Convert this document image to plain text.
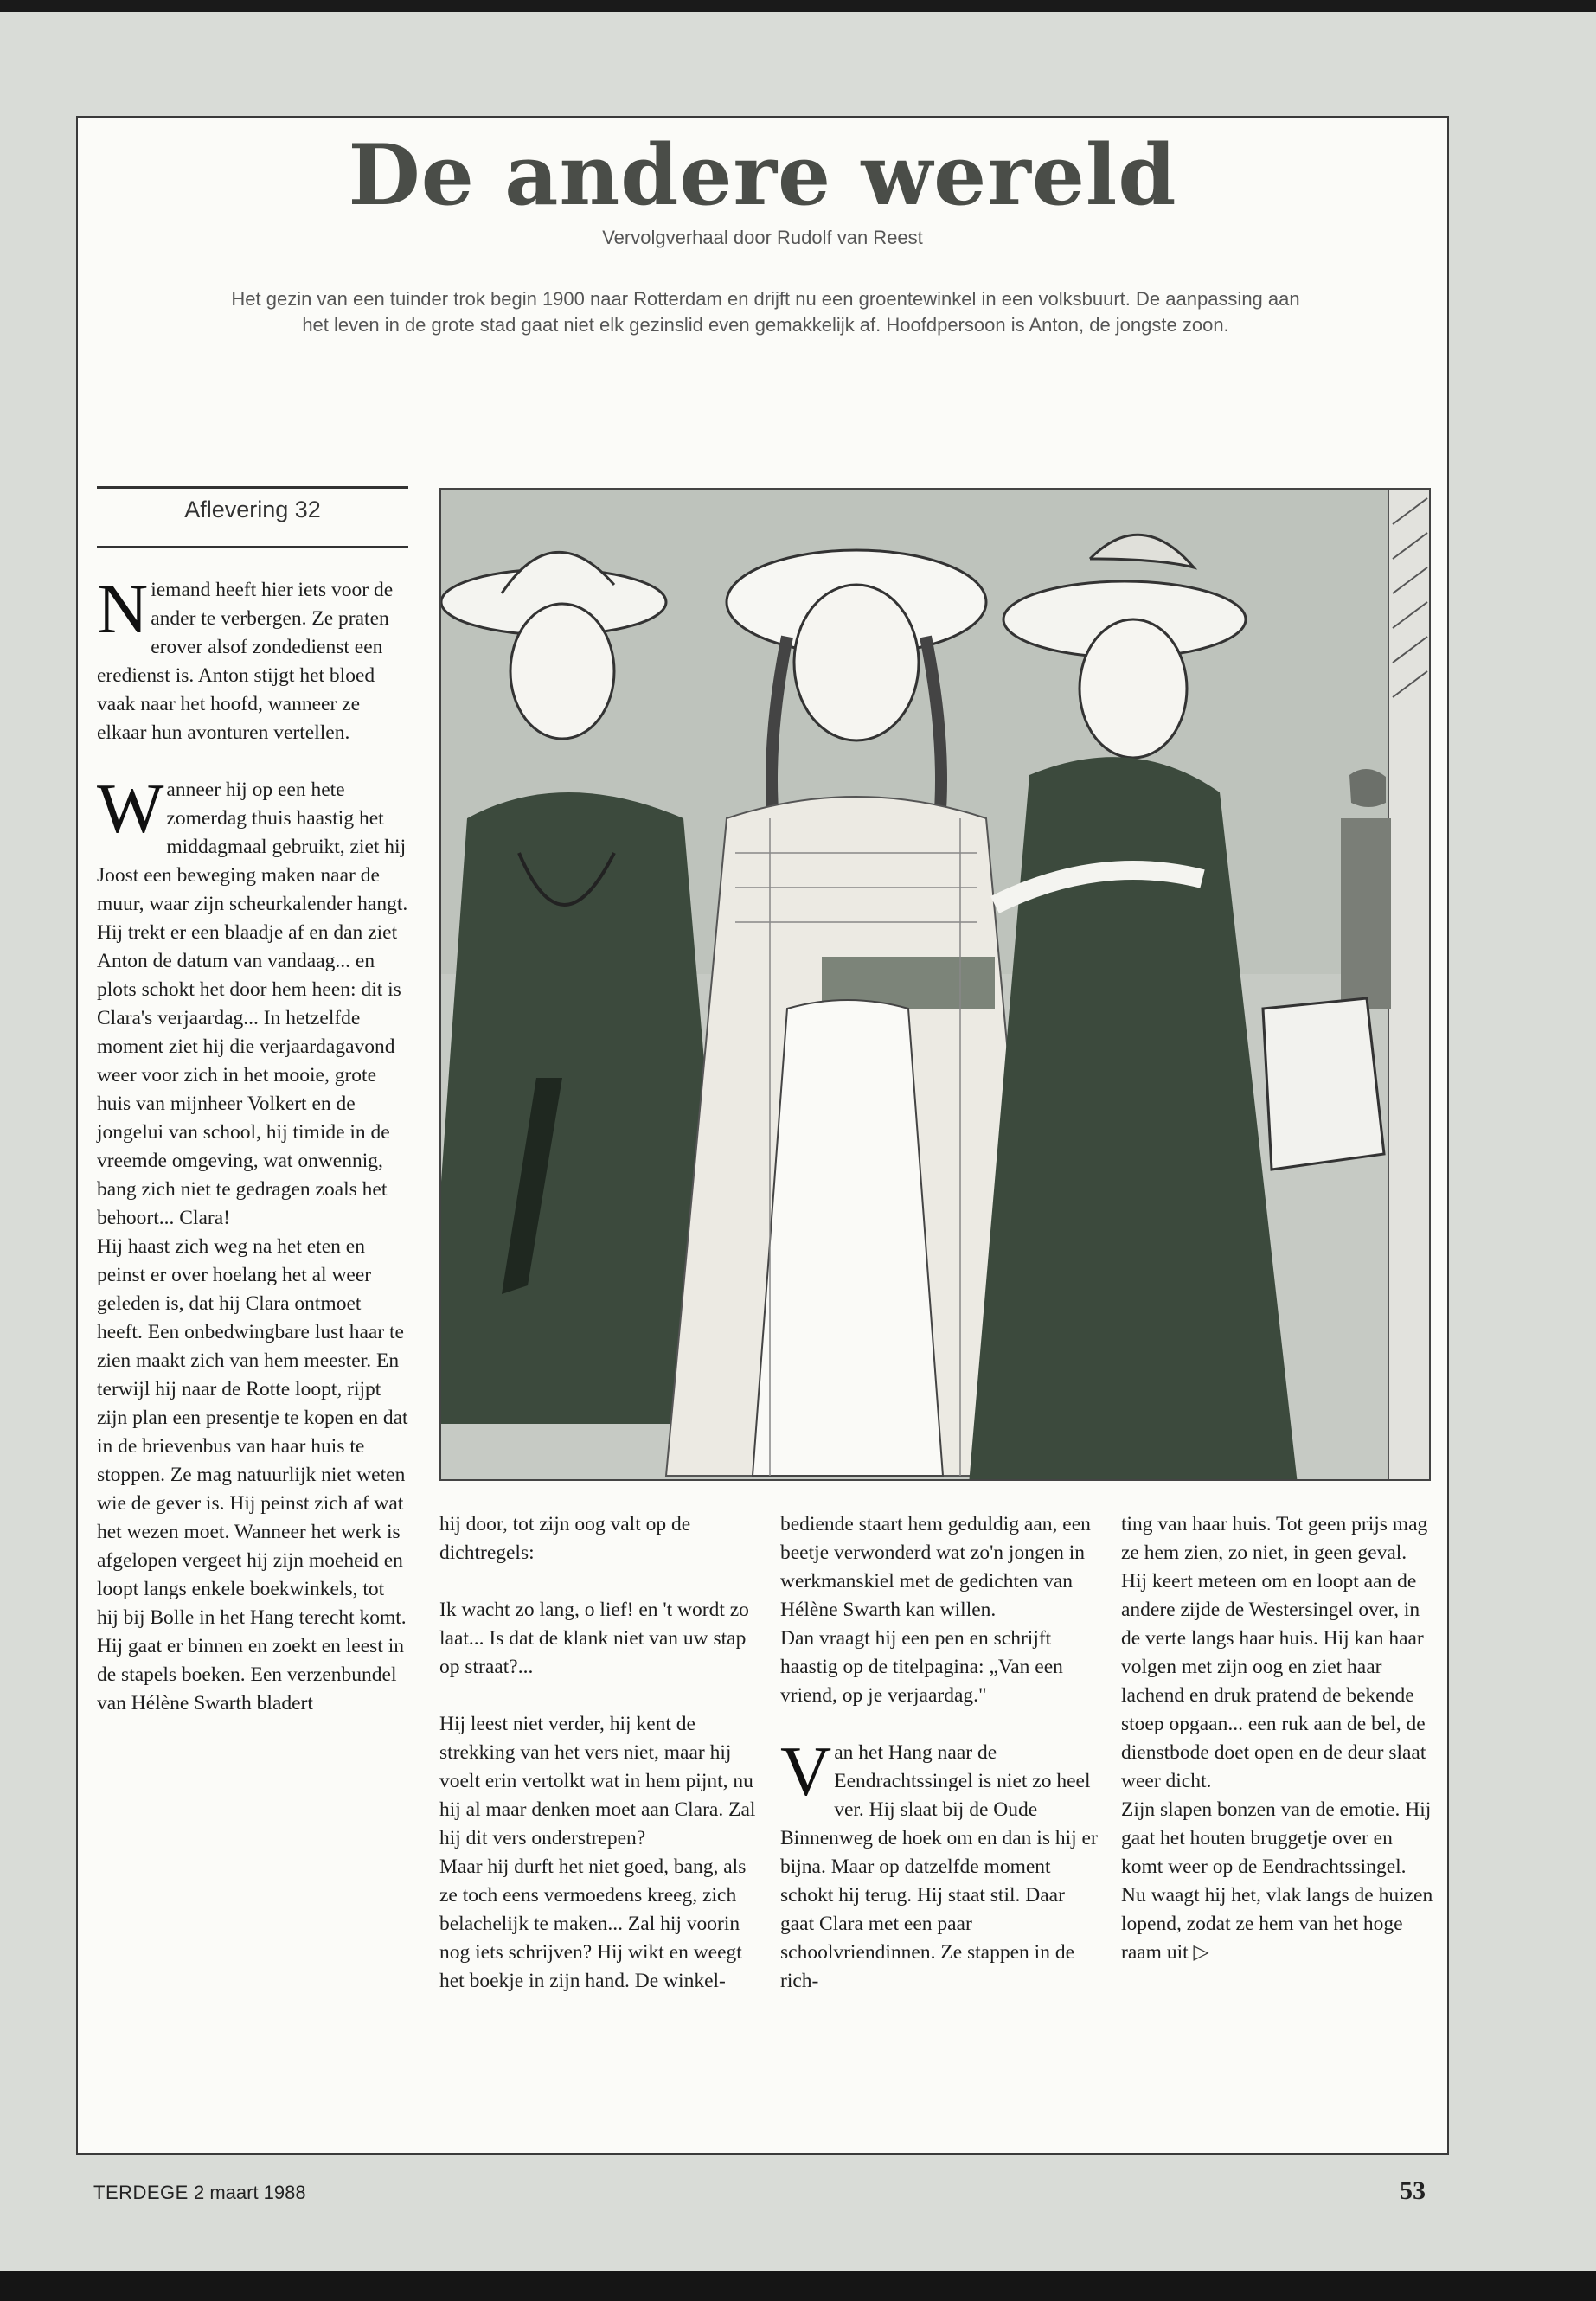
De andere wereld
Vervolgverhaal door Rudolf van Reest
Het gezin van een tuinder trok begin 1900 naar Rotterdam en drijft nu een groentewinkel in een volksbuurt. De aanpassing aan het leven in de grote stad gaat niet elk gezinslid even gemakkelijk af. Hoofdpersoon is Anton, de jongste zoon.
Aflevering 32

Niemand heeft hier iets voor de ander te verbergen. Ze praten erover alsof zondedienst een eredienst is. Anton stijgt het bloed vaak naar het hoofd, wanneer ze elkaar hun avonturen vertellen.

Wanneer hij op een hete zomerdag thuis haastig het middagmaal gebruikt, ziet hij Joost een beweging maken naar de muur, waar zijn scheurkalender hangt. Hij trekt er een blaadje af en dan ziet Anton de datum van vandaag... en plots schokt het door hem heen: dit is Clara's verjaardag... In hetzelfde moment ziet hij die verjaardagavond weer voor zich in het mooie, grote huis van mijnheer Volkert en de jongelui van school, hij timide in de vreemde omgeving, wat onwennig, bang zich niet te gedragen zoals het behoort... Clara!

Hij haast zich weg na het eten en peinst er over hoelang het al weer geleden is, dat hij Clara ontmoet heeft. Een onbedwingbare lust haar te zien maakt zich van hem meester. En terwijl hij naar de Rotte loopt, rijpt zijn plan een presentje te kopen en dat in de brievenbus van haar huis te stoppen. Ze mag natuurlijk niet weten wie de gever is. Hij peinst zich af wat het wezen moet. Wanneer het werk is afgelopen vergeet hij zijn moeheid en loopt langs enkele boekwinkels, tot hij bij Bolle in het Hang terecht komt. Hij gaat er binnen en zoekt en leest in de stapels boeken. Een verzenbundel van Hélène Swarth bladert

hij door, tot zijn oog valt op de dichtregels:

Ik wacht zo lang, o lief! en 't wordt zo laat... Is dat de klank niet van uw stap op straat?...

Hij leest niet verder, hij kent de strekking van het vers niet, maar hij voelt erin vertolkt wat in hem pijnt, nu hij al maar denken moet aan Clara. Zal hij dit vers onderstrepen?

Maar hij durft het niet goed, bang, als ze toch eens vermoedens kreeg, zich belachelijk te maken... Zal hij voorin nog iets schrijven? Hij wikt en weegt het boekje in zijn hand. De winkel-

bediende staart hem geduldig aan, een beetje verwonderd wat zo'n jongen in werkmanskiel met de gedichten van Hélène Swarth kan willen.

Dan vraagt hij een pen en schrijft haastig op de titelpagina: „Van een vriend, op je verjaardag."

Van het Hang naar de Eendrachtssingel is niet zo heel ver. Hij slaat bij de Oude Binnenweg de hoek om en dan is hij er bijna. Maar op datzelfde moment schokt hij terug. Hij staat stil. Daar gaat Clara met een paar schoolvriendinnen. Ze stappen in de rich-

ting van haar huis. Tot geen prijs mag ze hem zien, zo niet, in geen geval.

Hij keert meteen om en loopt aan de andere zijde de Westersingel over, in de verte langs haar huis. Hij kan haar volgen met zijn oog en ziet haar lachend en druk pratend de bekende stoep opgaan... een ruk aan de bel, de dienstbode doet open en de deur slaat weer dicht.

Zijn slapen bonzen van de emotie. Hij gaat het houten bruggetje over en komt weer op de Eendrachtssingel.

Nu waagt hij het, vlak langs de huizen lopend, zodat ze hem van het hoge raam uit ▷

TERDEGE 2 maart 1988	53
